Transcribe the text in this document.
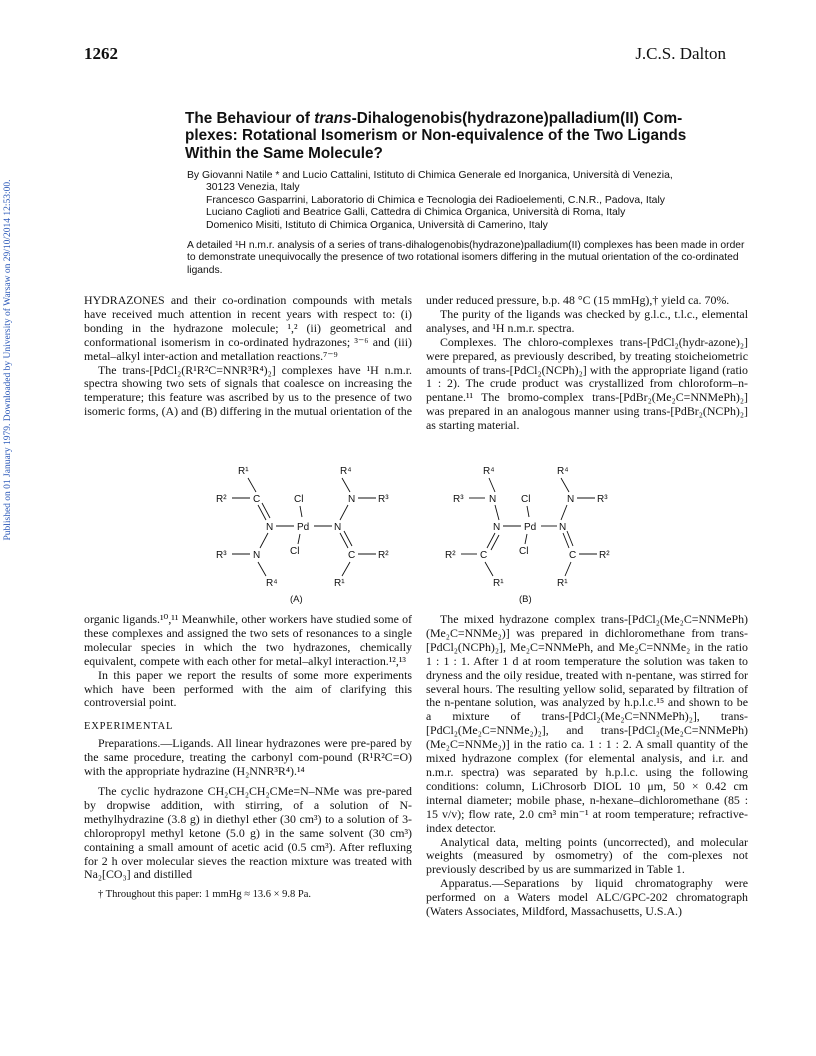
Published on 01 January 1979. Downloaded by University of Warsaw on 29/10/2014 12:53:00.
1262	J.C.S. Dalton
The Behaviour of trans-Dihalogenobis(hydrazone)palladium(II) Com-
plexes: Rotational Isomerism or Non-equivalence of the Two Ligands
Within the Same Molecule?
By Giovanni Natile * and Lucio Cattalini, Istituto di Chimica Generale ed Inorganica, Università di Venezia,
30123 Venezia, Italy
Francesco Gasparrini, Laboratorio di Chimica e Tecnologia dei Radioelementi, C.N.R., Padova, Italy
Luciano Caglioti and Beatrice Galli, Cattedra di Chimica Organica, Università di Roma, Italy
Domenico Misiti, Istituto di Chimica Organica, Università di Camerino, Italy
A detailed ¹H n.m.r. analysis of a series of trans-dihalogenobis(hydrazone)palladium(II) complexes has been made in order to demonstrate unequivocally the presence of two rotational isomers differing in the mutual orientation of the co-ordinated ligands.

HYDRAZONES and their co-ordination compounds with metals have received much attention in recent years with respect to: (i) bonding in the hydrazone molecule; ¹,² (ii) geometrical and conformational isomerism in co-ordinated hydrazones; ³⁻⁶ and (iii) metal–alkyl inter-action and metallation reactions.⁷⁻⁹

The trans-[PdCl₂(R¹R²C=NNR³R⁴)₂] complexes have ¹H n.m.r. spectra showing two sets of signals that coalesce on increasing the temperature; this feature was ascribed by us to the presence of two isomeric forms, (A) and (B) differing in the mutual orientation of the

under reduced pressure, b.p. 48 °C (15 mmHg),† yield ca. 70%.

The purity of the ligands was checked by g.l.c., t.l.c., elemental analyses, and ¹H n.m.r. spectra.

Complexes. The chloro-complexes trans-[PdCl₂(hydr-azone)₂] were prepared, as previously described, by treating stoicheiometric amounts of trans-[PdCl₂(NCPh)₂] with the appropriate ligand (ratio 1 : 2). The crude product was crystallized from chloroform–n-pentane.¹¹ The bromo-complex trans-[PdBr₂(Me₂C=NNMePh)₂] was prepared in an analogous manner using trans-[PdBr₂(NCPh)₂] as starting material.

R¹	R⁴
R²	C	Cl	N R³
N Pd N
Cl
R³	N	C R²
R⁴	R¹
(A)
R⁴	R⁴
R³	N Cl	N R³
N Pd N
Cl
R² C	C R²
R¹	R¹
(B)

organic ligands.¹⁰,¹¹ Meanwhile, other workers have studied some of these complexes and assigned the two sets of resonances to a single molecular species in which the two hydrazones, chemically equivalent, compete with each other for metal–alkyl interaction.¹²,¹³

In this paper we report the results of some more experiments which have been performed with the aim of clarifying this controversial point.

EXPERIMENTAL

Preparations.—Ligands. All linear hydrazones were pre-pared by the same procedure, treating the carbonyl com-pound (R¹R²C=O) with the appropriate hydrazine (H₂NNR³R⁴).¹⁴

The cyclic hydrazone CH₂CH₂CH₂CMe=N–NMe was pre-pared by dropwise addition, with stirring, of a solution of N-methylhydrazine (3.8 g) in diethyl ether (30 cm³) to a solution of 3-chloropropyl methyl ketone (5.0 g) in the same solvent (30 cm³) containing a small amount of acetic acid (0.5 cm³). After refluxing for 2 h over molecular sieves the reaction mixture was treated with Na₂[CO₃] and distilled

† Throughout this paper: 1 mmHg ≈ 13.6 × 9.8 Pa.

The mixed hydrazone complex trans-[PdCl₂(Me₂C=NNMePh)(Me₂C=NNMe₂)] was prepared in dichloromethane from trans-[PdCl₂(NCPh)₂], Me₂C=NNMePh, and Me₂C=NNMe₂ in the ratio 1 : 1 : 1. After 1 d at room temperature the solution was taken to dryness and the oily residue, treated with n-pentane, was stirred for several hours. The resulting yellow solid, separated by filtration of the n-pentane solution, was analyzed by h.p.l.c.¹⁵ and shown to be a mixture of trans-[PdCl₂(Me₂C=NNMePh)₂], trans-[PdCl₂(Me₂C=NNMe₂)₂], and trans-[PdCl₂(Me₂C=NNMePh)(Me₂C=NNMe₂)] in the ratio ca. 1 : 1 : 2. A small quantity of the mixed hydrazone complex (for elemental analysis, and i.r. and n.m.r. spectra) was separated by h.p.l.c. using the following conditions: column, LiChrosorb DIOL 10 μm, 50 × 0.42 cm internal diameter; mobile phase, n-hexane–dichloromethane (85 : 15 v/v); flow rate, 2.0 cm³ min⁻¹ at room temperature; refractive-index detector.

Analytical data, melting points (uncorrected), and molecular weights (measured by osmometry) of the com-plexes not previously described by us are summarized in Table 1.

Apparatus.—Separations by liquid chromatography were performed on a Waters model ALC/GPC-202 chromatograph (Waters Associates, Mildford, Massachusetts, U.S.A.)
